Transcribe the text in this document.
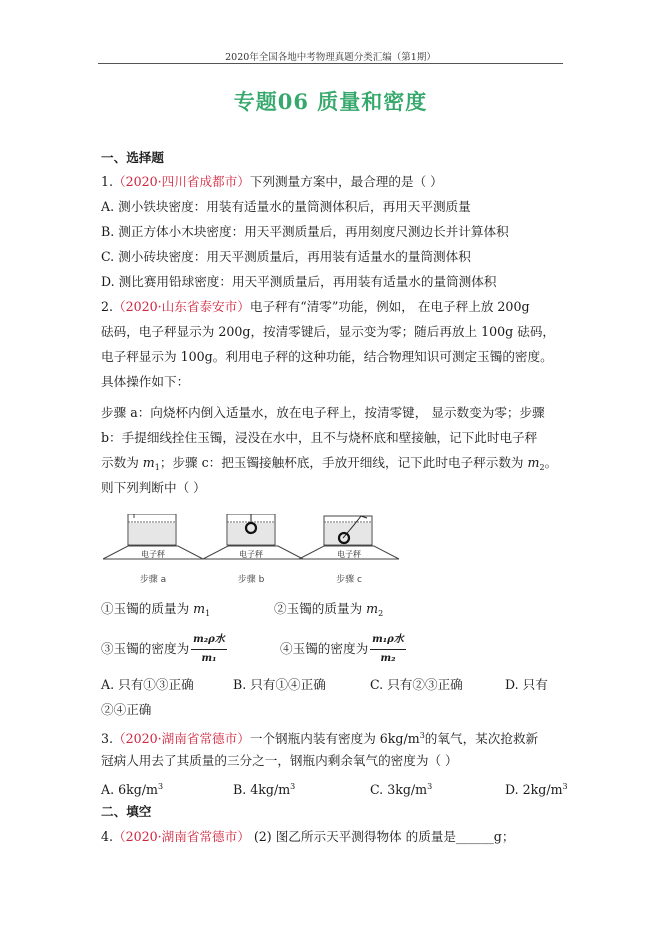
2020年全国各地中考物理真题分类汇编（第1期）
专题06 质量和密度
一、选择题
1.（2020·四川省成都市）下列测量方案中，最合理的是（ ）
A. 测小铁块密度：用装有适量水的量筒测体积后，再用天平测质量
B. 测正方体小木块密度：用天平测质量后，再用刻度尺测边长并计算体积
C. 测小砖块密度：用天平测质量后，再用装有适量水的量筒测体积
D. 测比赛用铅球密度：用天平测质量后，再用装有适量水的量筒测体积
2.（2020·山东省泰安市）电子秤有“清零”功能，例如， 在电子秤上放 200g
砝码，电子秤显示为 200g，按清零键后，显示变为零；随后再放上 100g 砝码，
电子秤显示为 100g。利用电子秤的这种功能，结合物理知识可测定玉镯的密度。
具体操作如下：
步骤 a：向烧杯内倒入适量水，放在电子秤上，按清零键， 显示数变为零；步骤
b：手提细线拴住玉镯，浸没在水中，且不与烧杯底和壁接触，记下此时电子秤
示数为 $m_1$；步骤 c：把玉镯接触杯底，手放开细线，记下此时电子秤示数为 $m_2$。
则下列判断中（ ）
电子秤	电子秤	电子秤
步骤 a	步骤 b	步骤 c
①玉镯的质量为 $m_1$	②玉镯的质量为 $m_2$
③玉镯的密度为 $\frac{\text{m₂ρ水}}{\text{m₁}}$	④玉镯的密度为 $\frac{\text{m₁ρ水}}{\text{m₂}}$
A. 只有①③正确	B. 只有①④正确	C. 只有②③正确	D. 只有
②④正确
3.（2020·湖南省常德市）一个钢瓶内装有密度为 $6kg/m^3$的氧气，某次抢救新
冠病人用去了其质量的三分之一，钢瓶内剩余氧气的密度为（ ）
A. $6kg/m^3$	B. $4kg/m^3$	C. $3kg/m^3$	D. $2kg/m^3$
二、填空
4.（2020·湖南省常德市） (2) 图乙所示天平测得物体 的质量是______g；
